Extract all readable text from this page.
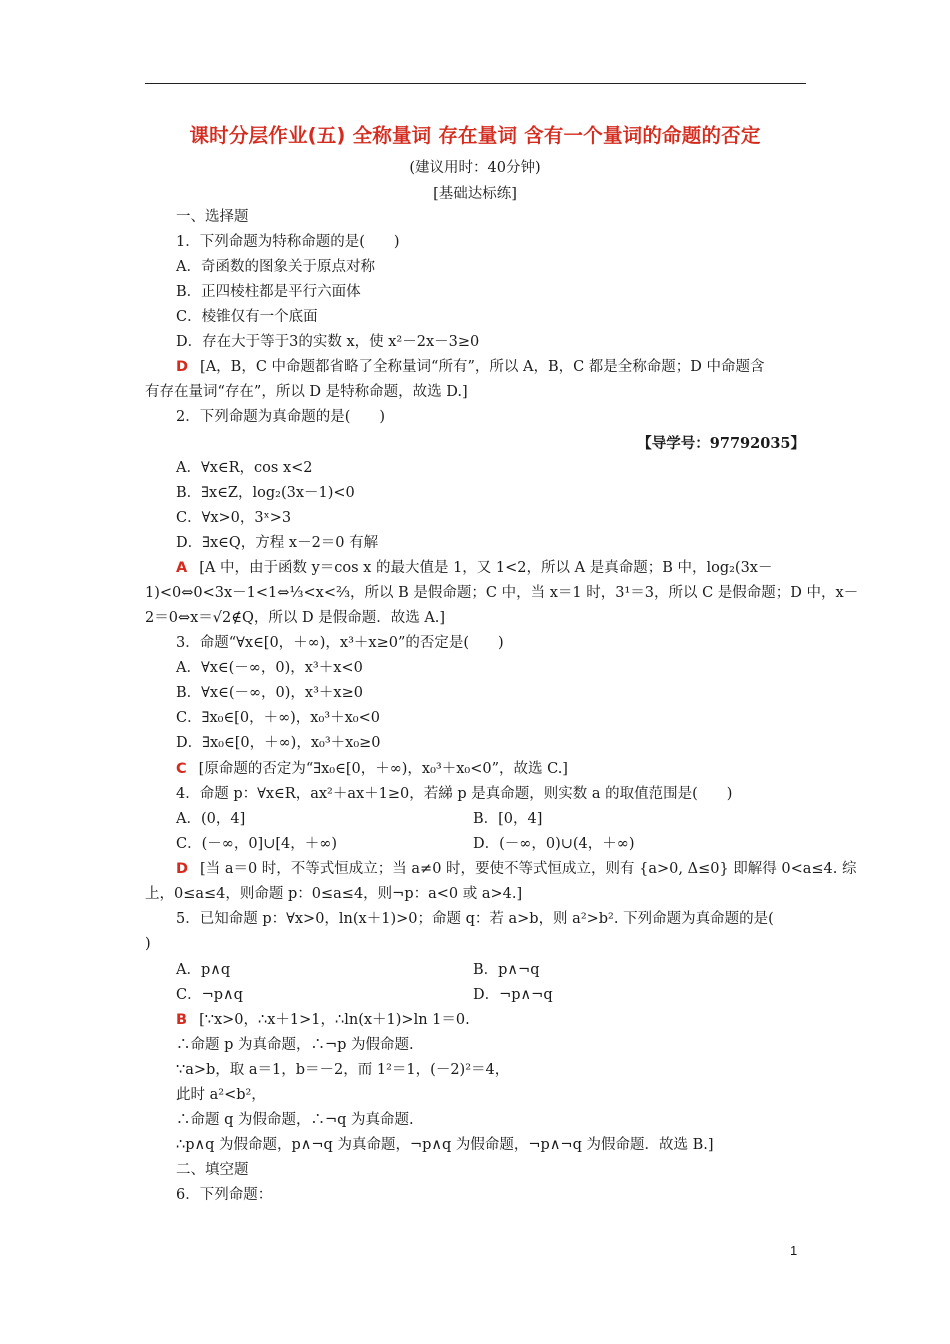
课时分层作业(五) 全称量词 存在量词 含有一个量词的命题的否定
(建议用时：40分钟)
[基础达标练]
一、选择题
1．下列命题为特称命题的是(　　)
A．奇函数的图象关于原点对称
B．正四棱柱都是平行六面体
C．棱锥仅有一个底面
D．存在大于等于3的实数 x，使 x²－2x－3≥0
D [A，B，C 中命题都省略了全称量词“所有”，所以 A，B，C 都是全称命题；D 中命题含
有存在量词“存在”，所以 D 是特称命题，故选 D.]
2．下列命题为真命题的是(　　)
【导学号：97792035】
A．∀x∈R，cos x<2
B．∃x∈Z，log₂(3x－1)<0
C．∀x>0，3ˣ>3
D．∃x∈Q，方程 x－2＝0 有解
A [A 中，由于函数 y＝cos x 的最大值是 1，又 1<2，所以 A 是真命题；B 中，log₂(3x－
1)<0⇔0<3x－1<1⇔⅓<x<⅔，所以 B 是假命题；C 中，当 x＝1 时，3¹＝3，所以 C 是假命题；D 中，x－
2＝0⇔x＝√2∉Q，所以 D 是假命题．故选 A.]
3．命题“∀x∈[0，＋∞)，x³＋x≥0”的否定是(　　)
A．∀x∈(－∞，0)，x³＋x<0
B．∀x∈(－∞，0)，x³＋x≥0
C．∃x₀∈[0，＋∞)，x₀³＋x₀<0
D．∃x₀∈[0，＋∞)，x₀³＋x₀≥0
C [原命题的否定为“∃x₀∈[0，＋∞)，x₀³＋x₀<0”，故选 C.]
4．命题 p：∀x∈R，ax²＋ax＋1≥0，若綈 p 是真命题，则实数 a 的取值范围是(　　)
A．(0，4]	B．[0，4]
C．(－∞，0]∪[4，＋∞)	D．(－∞，0)∪(4，＋∞)
D [当 a＝0 时，不等式恒成立；当 a≠0 时，要使不等式恒成立，则有 {a>0, Δ≤0} 即解得 0<a≤4. 综
上，0≤a≤4，则命题 p：0≤a≤4，则¬p：a<0 或 a>4.]
5．已知命题 p：∀x>0，ln(x＋1)>0；命题 q：若 a>b，则 a²>b². 下列命题为真命题的是(
)
A．p∧q	B．p∧¬q
C．¬p∧q	D．¬p∧¬q
B [∵x>0，∴x＋1>1，∴ln(x＋1)>ln 1＝0.
∴命题 p 为真命题，∴¬p 为假命题.
∵a>b，取 a＝1，b＝－2，而 1²＝1，(－2)²＝4，
此时 a²<b²，
∴命题 q 为假命题，∴¬q 为真命题.
∴p∧q 为假命题，p∧¬q 为真命题，¬p∧q 为假命题，¬p∧¬q 为假命题．故选 B.]
二、填空题
6．下列命题：
1
